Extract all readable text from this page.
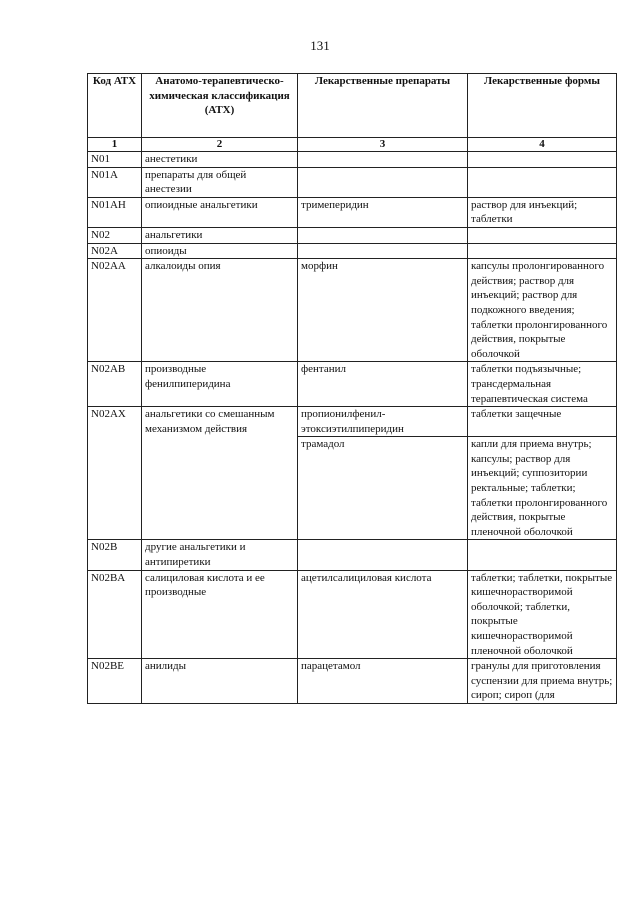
131
Код АТХ	Анатомо-терапевтическо-химическая классификация (АТХ)	Лекарственные препараты	Лекарственные формы
1	2	3	4
N01	анестетики		
N01A	препараты для общей анестезии		
N01AH	опиоидные анальгетики	тримеперидин	раствор для инъекций; таблетки
N02	анальгетики		
N02A	опиоиды		
N02AA	алкалоиды опия	морфин	капсулы пролонгированного действия; раствор для инъекций; раствор для подкожного введения; таблетки пролонгированного действия, покрытые оболочкой
N02AB	производные фенилпиперидина	фентанил	таблетки подъязычные; трансдермальная терапевтическая система
N02AX	анальгетики со смешанным механизмом действия	пропионилфенил-этоксиэтилпиперидин	таблетки защечные
		трамадол	капли для приема внутрь; капсулы; раствор для инъекций; суппозитории ректальные; таблетки; таблетки пролонгированного действия, покрытые пленочной оболочкой
N02B	другие анальгетики и антипиретики		
N02BA	салициловая кислота и ее производные	ацетилсалициловая кислота	таблетки; таблетки, покрытые кишечнорастворимой оболочкой; таблетки, покрытые кишечнорастворимой пленочной оболочкой
N02BE	анилиды	парацетамол	гранулы для приготовления суспензии для приема внутрь; сироп; сироп (для
